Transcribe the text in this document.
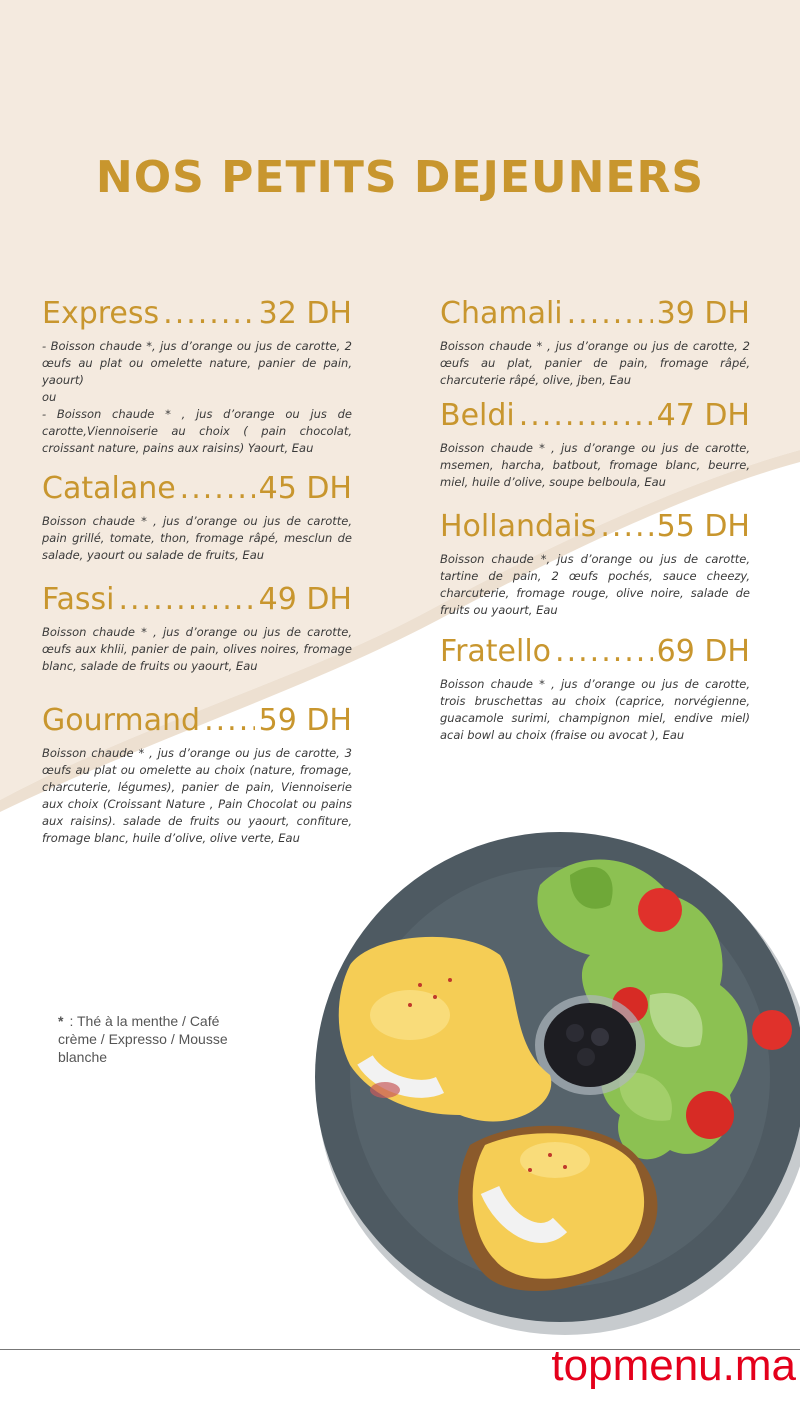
NOS PETITS DEJEUNERS
Express .....	32 DH

- Boisson chaude *, jus d’orange ou jus de carotte, 2 œufs au plat ou omelette nature, panier de pain, yaourt)

ou

- Boisson chaude * , jus d’orange ou jus de carotte,Viennoiserie au choix ( pain chocolat, croissant nature, pains aux raisins) Yaourt, Eau

Catalane .....	45 DH

Boisson chaude * , jus d’orange ou jus de carotte, pain grillé, tomate, thon, fromage râpé, mesclun de salade, yaourt ou salade de fruits, Eau

Fassi .....	49 DH

Boisson chaude * , jus d’orange ou jus de carotte, œufs aux khlii, panier de pain, olives noires, fromage blanc, salade de fruits ou yaourt, Eau

Gourmand ..... 59 DH

Boisson chaude * , jus d’orange ou jus de carotte, 3 œufs au plat ou omelette au choix (nature, fromage, charcuterie, légumes), panier de pain, Viennoiserie aux choix (Croissant Nature , Pain Chocolat ou pains aux raisins). salade de fruits ou yaourt, confiture, fromage blanc, huile d’olive, olive verte, Eau

Chamali .....	39 DH

Boisson chaude * , jus d’orange ou jus de carotte, 2 œufs au plat, panier de pain, fromage râpé, charcuterie râpé, olive, jben, Eau

Beldi .....	47 DH

Boisson chaude * , jus d’orange ou jus de carotte, msemen, harcha, batbout, fromage blanc, beurre, miel, huile d’olive, soupe belboula, Eau

Hollandais ..... 55 DH

Boisson chaude *, jus d’orange ou jus de carotte, tartine de pain, 2 œufs pochés, sauce cheezy, charcuterie, fromage rouge, olive noire, salade de fruits ou yaourt, Eau

Fratello .....	69 DH

Boisson chaude * , jus d’orange ou jus de carotte, trois bruschettas au choix (caprice, norvégienne, guacamole surimi, champignon miel, endive miel) acai bowl au choix (fraise ou avocat ), Eau

* : Thé à la menthe / Café crème / Expresso / Mousse blanche
topmenu.ma
